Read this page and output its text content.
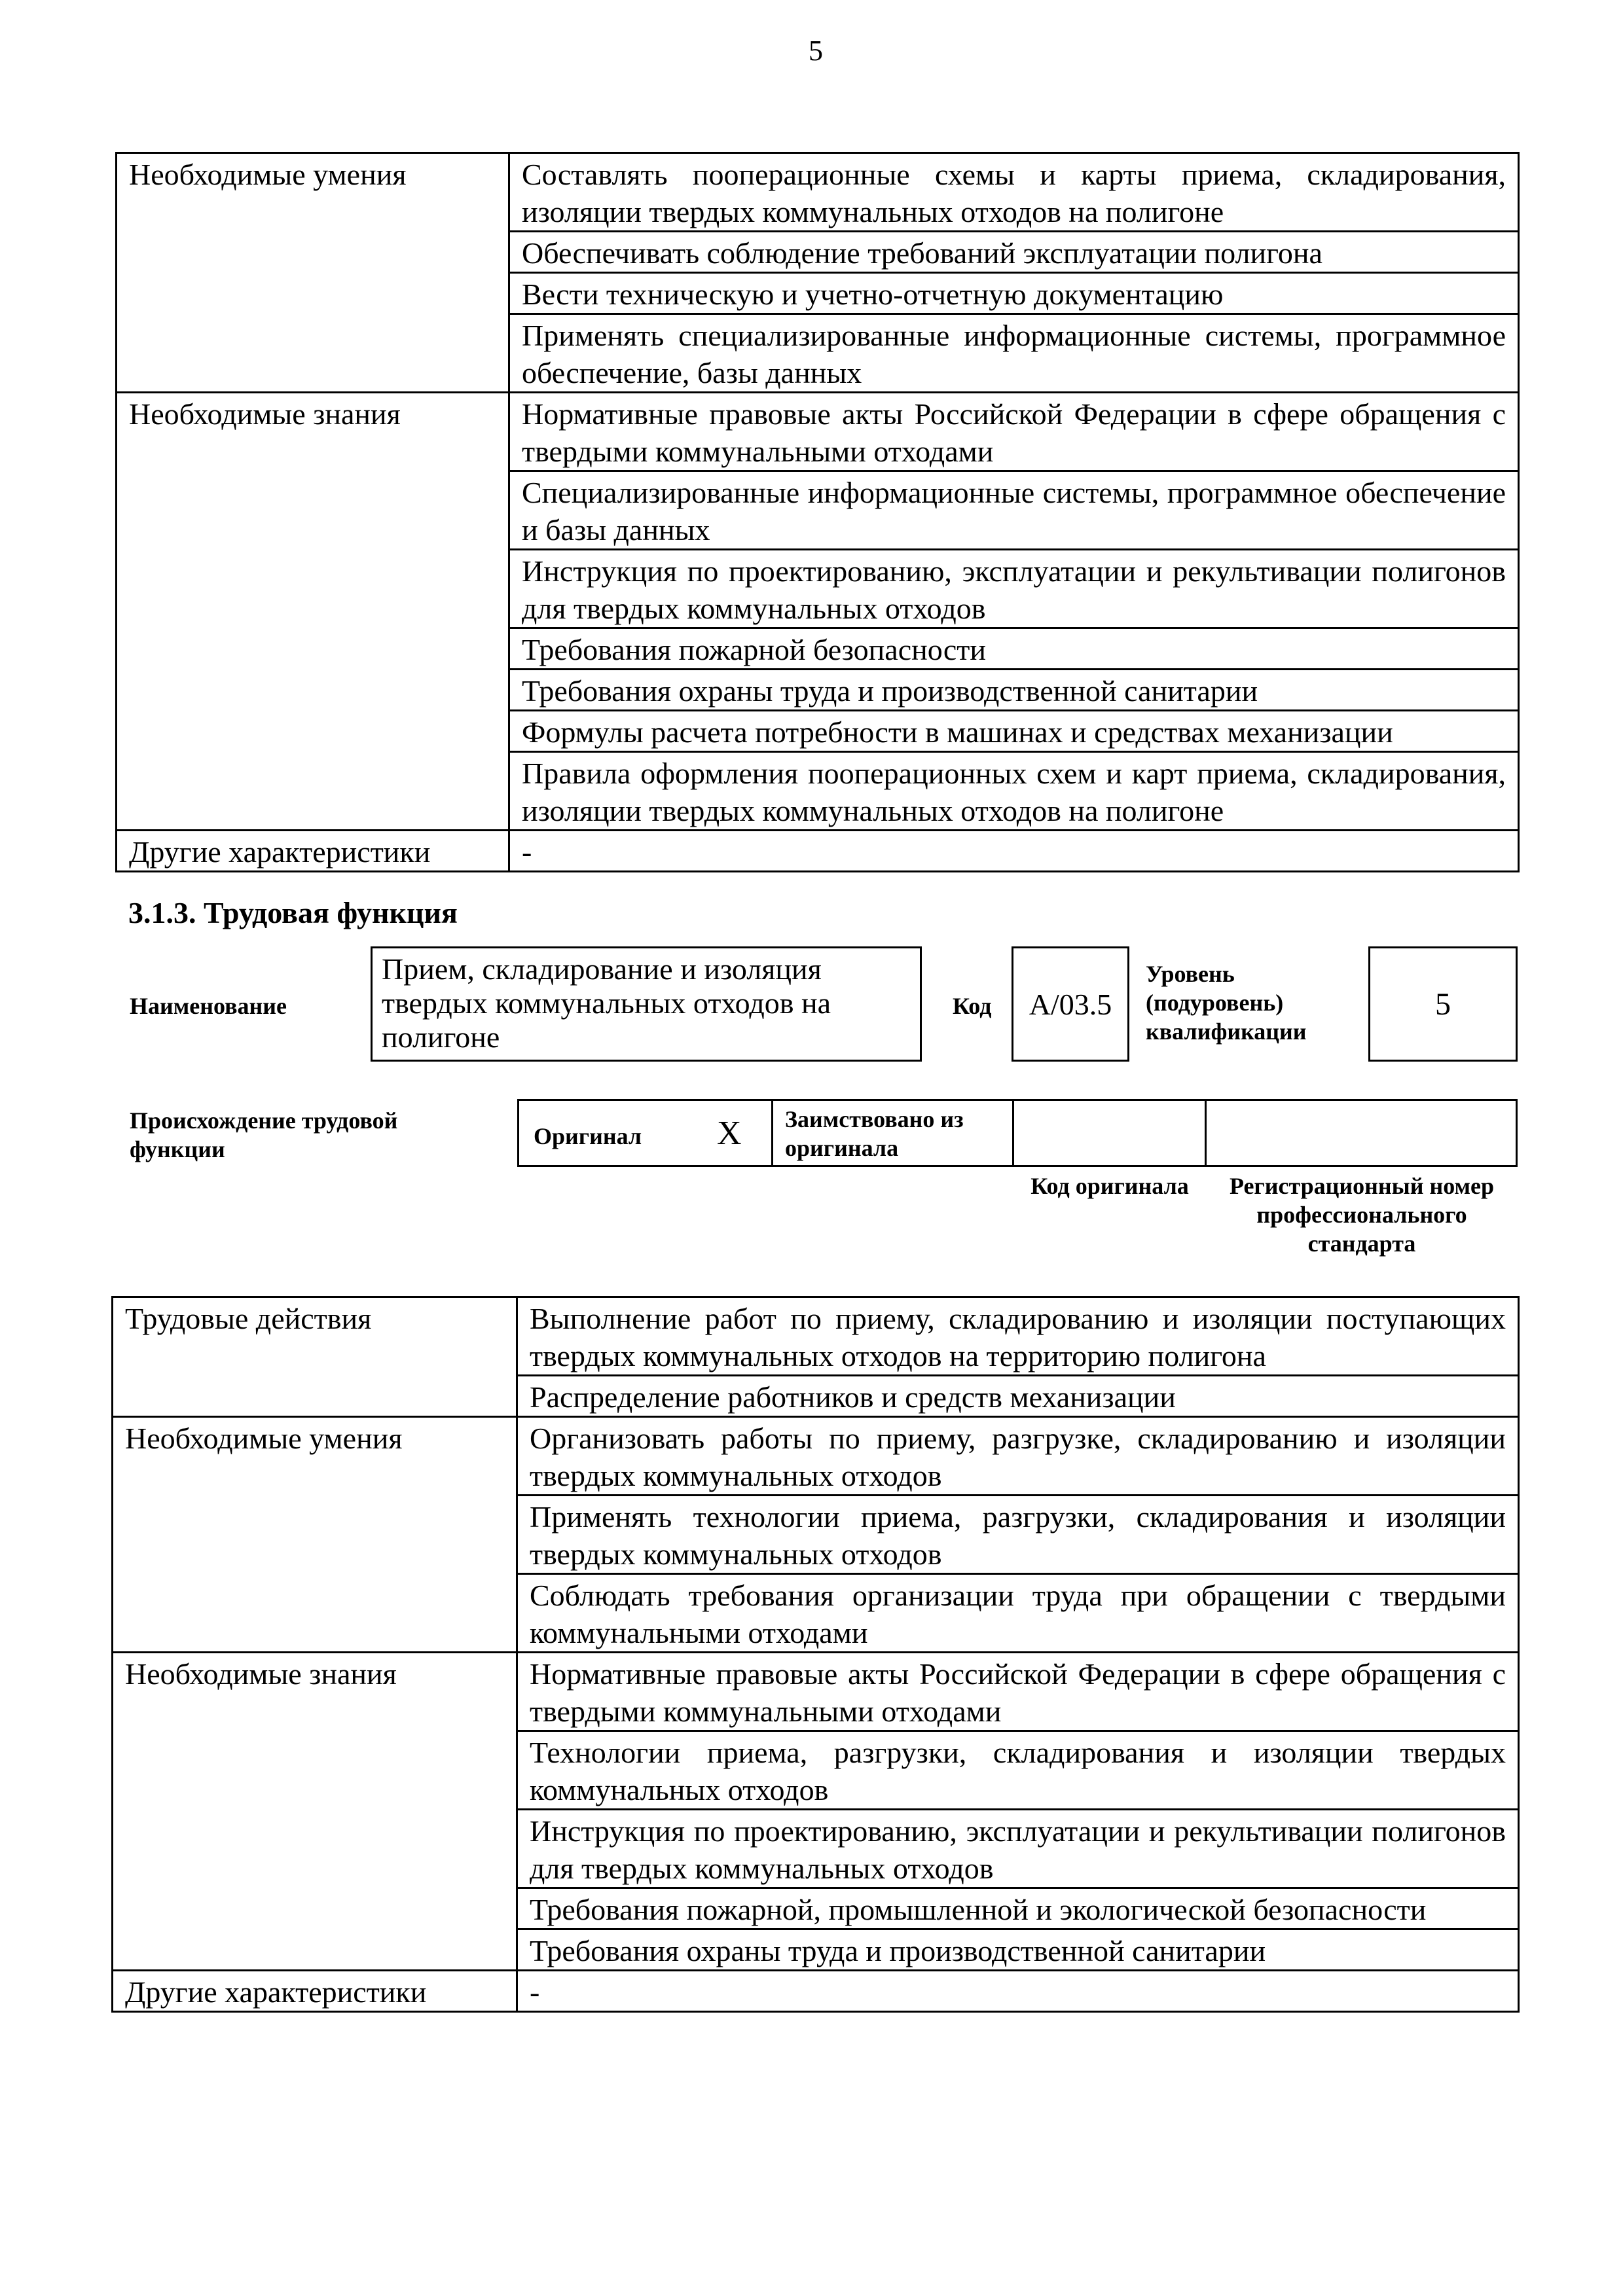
5
Необходимые умения	Составлять пооперационные схемы и карты приема, складирования, изоляции твердых коммунальных отходов на полигоне
	Обеспечивать соблюдение требований эксплуатации полигона
	Вести техническую и учетно-отчетную документацию
	Применять специализированные информационные системы, программное обеспечение, базы данных
Необходимые знания	Нормативные правовые акты Российской Федерации в сфере обращения с твердыми коммунальными отходами
	Специализированные информационные системы, программное обеспечение и базы данных
	Инструкция по проектированию, эксплуатации и рекультивации полигонов для твердых коммунальных отходов
	Требования пожарной безопасности
	Требования охраны труда и производственной санитарии
	Формулы расчета потребности в машинах и средствах механизации
	Правила оформления пооперационных схем и карт приема, складирования, изоляции твердых коммунальных отходов на полигоне
Другие характеристики	-
3.1.3. Трудовая функция
Наименование
Прием, складирование и изоляция твердых коммунальных отходов на полигоне
Код A/03.5
Уровень (подуровень) квалификации
5
Происхождение трудовой функции	Оригинал X Заимствовано из оригинала
Код оригинала	Регистрационный номер профессионального стандарта
Трудовые действия	Выполнение работ по приему, складированию и изоляции поступающих твердых коммунальных отходов на территорию полигона
	Распределение работников и средств механизации
Необходимые умения	Организовать работы по приему, разгрузке, складированию и изоляции твердых коммунальных отходов
	Применять технологии приема, разгрузки, складирования и изоляции твердых коммунальных отходов
	Соблюдать требования организации труда при обращении с твердыми коммунальными отходами
Необходимые знания	Нормативные правовые акты Российской Федерации в сфере обращения с твердыми коммунальными отходами
	Технологии приема, разгрузки, складирования и изоляции твердых коммунальных отходов
	Инструкция по проектированию, эксплуатации и рекультивации полигонов для твердых коммунальных отходов
	Требования пожарной, промышленной и экологической безопасности
	Требования охраны труда и производственной санитарии
Другие характеристики	-
